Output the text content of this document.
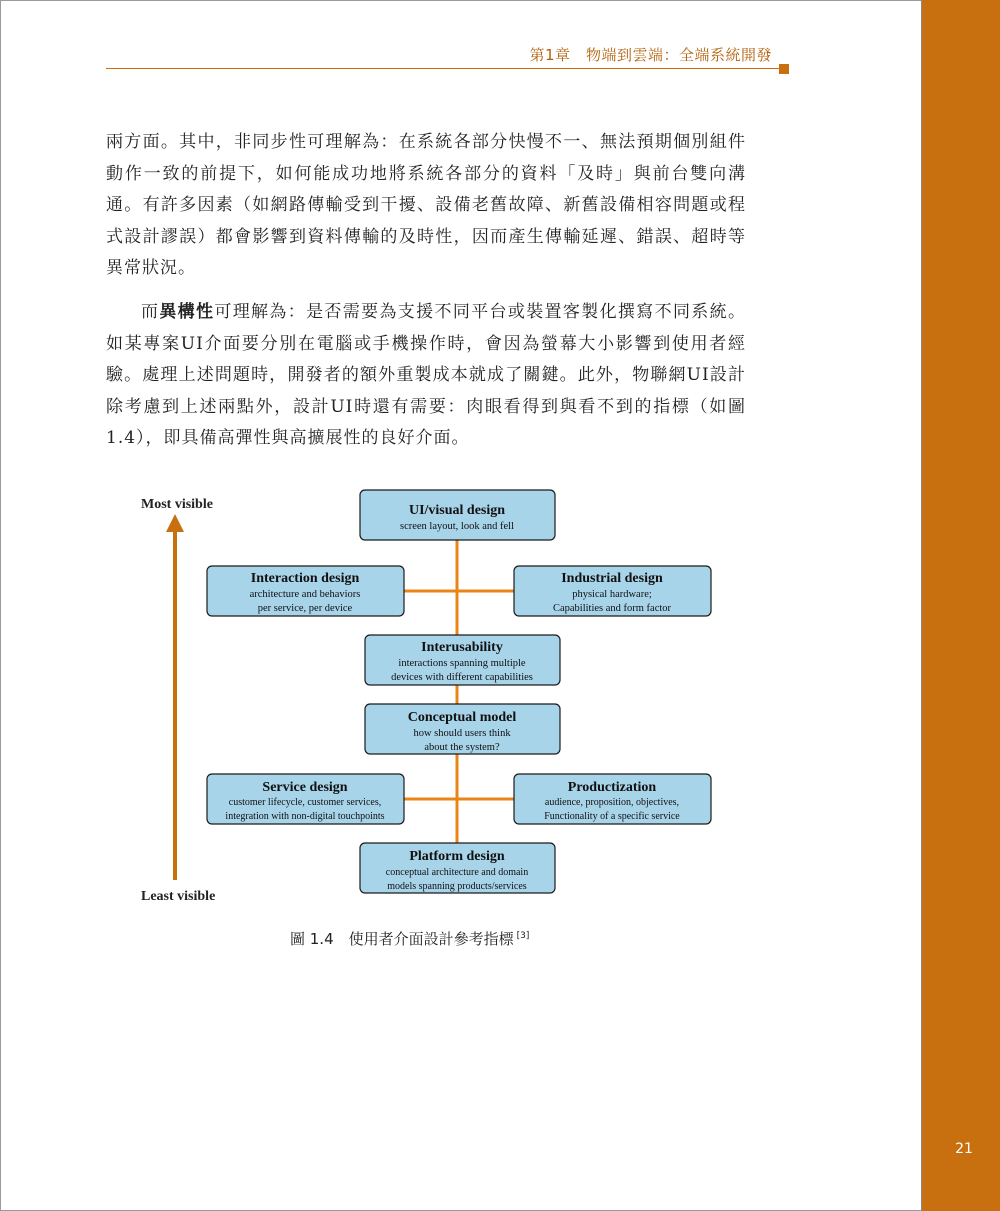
21
第1章　物端到雲端：全端系統開發

兩方面。其中，非同步性可理解為：在系統各部分快慢不一、無法預期個別組件動作一致的前提下，如何能成功地將系統各部分的資料「及時」與前台雙向溝通。有許多因素（如網路傳輸受到干擾、設備老舊故障、新舊設備相容問題或程式設計謬誤）都會影響到資料傳輸的及時性，因而產生傳輸延遲、錯誤、超時等異常狀況。

而異構性可理解為：是否需要為支援不同平台或裝置客製化撰寫不同系統。如某專案UI介面要分別在電腦或手機操作時，會因為螢幕大小影響到使用者經驗。處理上述問題時，開發者的額外重製成本就成了關鍵。此外，物聯網UI設計除考慮到上述兩點外，設計UI時還有需要：肉眼看得到與看不到的指標（如圖1.4），即具備高彈性與高擴展性的良好介面。

Most visible
Least visible
UI/visual design
screen layout, look and fell
Interaction design
architecture and behaviors
per service, per device
Industrial design
physical hardware;
Capabilities and form factor
Interusability
interactions spanning multiple
devices with different capabilities
Conceptual model
how should users think
about the system?
Service design
customer lifecycle, customer services,
integration with non-digital touchpoints
Productization
audience, proposition, objectives,
Functionality of a specific service
Platform design
conceptual architecture and domain
models spanning products/services
圖 1.4　使用者介面設計參考指標 [3]
